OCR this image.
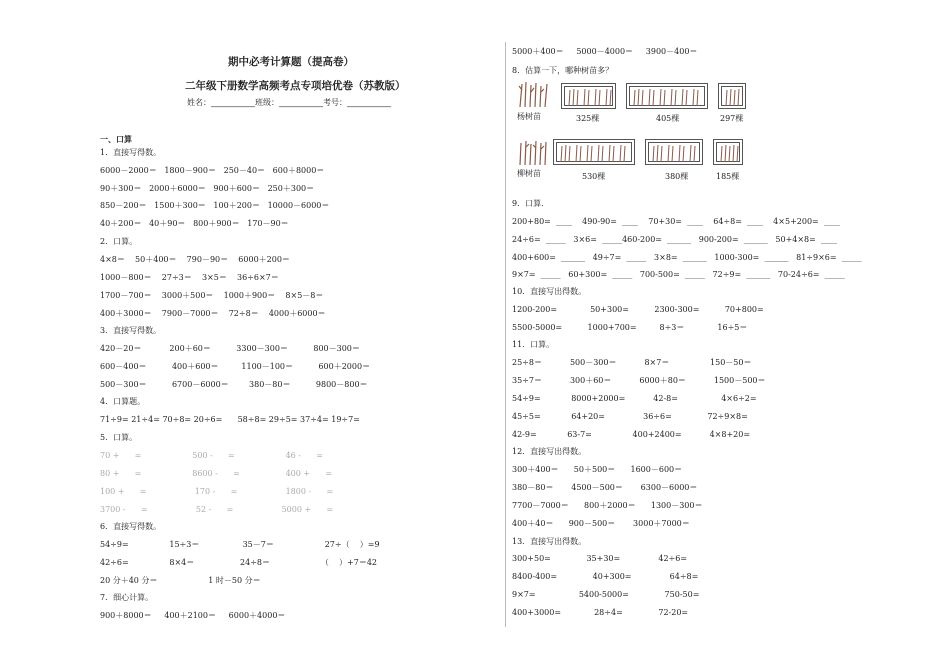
期中必考计算题（提高卷）
二年级下册数学高频考点专项培优卷（苏教版）
姓名：___________班级：___________考号：___________
一、口算
1．直接写得数。
6000－2000＝   1800－900＝   250－40＝   600＋8000＝
90＋300＝   2000＋6000＝   900＋600＝   250＋300＝
850－200＝   1500＋300＝   100＋200＝   10000－6000＝
40＋200＝   40＋90＝   800＋900＝   170－90＝
2．口算。
4×8＝    50＋400＝    790－90＝    6000＋200＝
1000－800＝    27÷3＝    3×5＝    36÷6×7＝
1700－700＝    3000＋500＝    1000＋900＝    8×5－8＝
400＋3000＝    7900－7000＝    72÷8＝    4000＋6000＝
3．直接写得数。
420－20＝           200＋60＝          3300－300＝          800－300＝
600－400＝          400＋600＝         1100－100＝          600＋2000＝
500－300＝          6700－6000＝        380－80＝          9800－800＝
4．口算题。
71÷9= 21÷4= 70÷8= 20÷6=      58÷8= 29÷5= 37÷4= 19÷7=
5．口算。
70 +      =                    500 -      =                    46 -      =
80 +      =                    8600 -      =                  400 +      =
100 +      =                   170 -      =                   1800 -      =
3700 -      =                   52 -      =                   5000 +      =
6．直接写得数。
54÷9=                15÷3＝                 35－7＝                    27÷（    ）=9
42÷6=                8×4＝                  24÷8＝                    （    ）+7＝42
20 分＋40 分＝                    1 时－50 分＝
7．细心计算。
900＋8000＝     400＋2100＝     6000＋4000＝
5000＋400＝     5000－4000＝     3900－400＝
8．估算一下，哪种树苗多？
杨树苗	325棵	405棵	297棵
柳树苗	530棵	380棵	185棵
9．口算．
200+80=  ____    490-90=  ____    70+30=  ____    64÷8=  ____    4×5+200=  ____
24÷6=  _____   3×6=  _____460-200=  ______   900-200=  ______   50+4×8=  ____
400+600=  ______   49÷7=  _____   3×8=  ______   1000-300=  ______   81÷9×6=  _____
9×7=  _____   60+300=  _____   700-500=  _____   72÷9=  ______   70-24÷6=  _____
10．直接写出得数。
1200-200=             50+300=          2300-300=          70+800=
5500-5000=          1000+700=         8÷3＝             16÷5＝
11．口算。
25÷8＝           500－300＝           8×7＝                150－50＝
35÷7＝           300＋60＝           6000＋80＝           1500－500＝
54÷9=            8000+2000=           42-8=                 4×6÷2=
45÷5=            64+20=               36÷6=              72÷9×8=
42-9=            63-7=                400+2400=           4×8+20=
12．直接写出得数。
300＋400＝      50＋500＝      1600－600＝
380－80＝       4500－500＝       6300－6000＝
7700－7000＝      800＋2000＝      1300－300＝
400＋40＝      900－500＝       3000＋7000＝
13．直接写出得数。
300+50=              35+30=               42÷6=
8400-400=              40+300=               64÷8=
9×7=                 5400-5000=              750-50=
400+3000=             28÷4=              72-20=
